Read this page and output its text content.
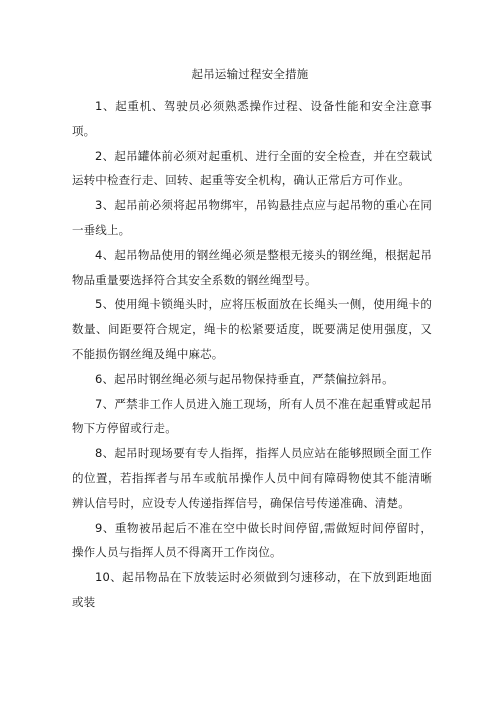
起吊运输过程安全措施

1、起重机、驾驶员必须熟悉操作过程、设备性能和安全注意事项。

2、起吊罐体前必须对起重机、进行全面的安全检查，并在空载试运转中检查行走、回转、起重等安全机构，确认正常后方可作业。

3、起吊前必须将起吊物绑牢，吊钩悬挂点应与起吊物的重心在同一垂线上。

4、起吊物品使用的钢丝绳必须是整根无接头的钢丝绳，根据起吊物品重量要选择符合其安全系数的钢丝绳型号。

5、使用绳卡锁绳头时，应将压板面放在长绳头一侧，使用绳卡的数量、间距要符合规定，绳卡的松紧要适度，既要满足使用强度，又不能损伤钢丝绳及绳中麻芯。

6、起吊时钢丝绳必须与起吊物保持垂直，严禁偏拉斜吊。

7、严禁非工作人员进入施工现场，所有人员不准在起重臂或起吊物下方停留或行走。

8、起吊时现场要有专人指挥，指挥人员应站在能够照顾全面工作的位置，若指挥者与吊车或航吊操作人员中间有障碍物使其不能清晰辨认信号时，应设专人传递指挥信号，确保信号传递准确、清楚。

9、重物被吊起后不准在空中做长时间停留,需做短时间停留时，操作人员与指挥人员不得离开工作岗位。

10、起吊物品在下放装运时必须做到匀速移动，在下放到距地面或装
